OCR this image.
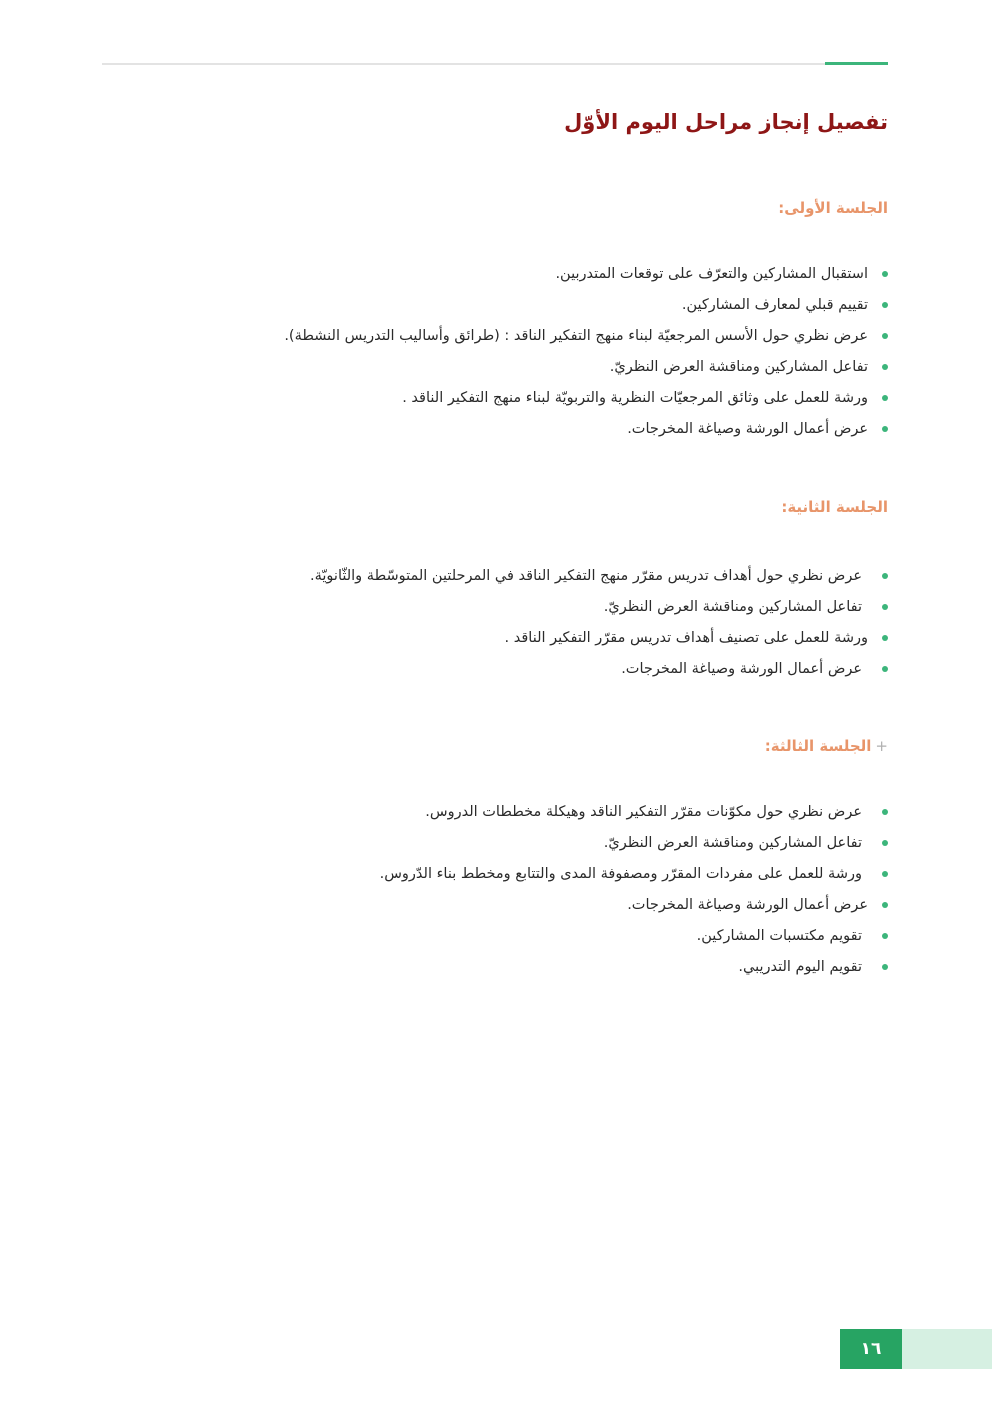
تفصيل إنجاز مراحل اليوم الأوّل
الجلسة الأولى:
استقبال المشاركين والتعرّف على توقعات المتدربين.
تقييم قبلي لمعارف المشاركين.
عرض نظري حول الأسس المرجعيّة لبناء منهج التفكير الناقد : (طرائق وأساليب التدريس النشطة).
تفاعل المشاركين ومناقشة العرض النظريّ.
ورشة للعمل على وثائق المرجعيّات النظرية والتربويّة لبناء منهج التفكير الناقد .
عرض أعمال الورشة وصياغة المخرجات.
الجلسة الثانية:
عرض نظري حول أهداف تدريس مقرّر منهج التفكير الناقد في المرحلتين المتوسّطة والثّانويّة.
تفاعل المشاركين ومناقشة العرض النظريّ.
ورشة للعمل على تصنيف أهداف تدريس مقرّر التفكير الناقد .
عرض أعمال الورشة وصياغة المخرجات.
+الجلسة الثالثة:
عرض نظري حول مكوّنات مقرّر التفكير الناقد وهيكلة مخططات الدروس.
تفاعل المشاركين ومناقشة العرض النظريّ.
ورشة للعمل على مفردات المقرّر ومصفوفة المدى والتتابع ومخطط بناء الدّروس.
عرض أعمال الورشة وصياغة المخرجات.
تقويم مكتسبات المشاركين.
تقويم اليوم التدريبي.
١٦
